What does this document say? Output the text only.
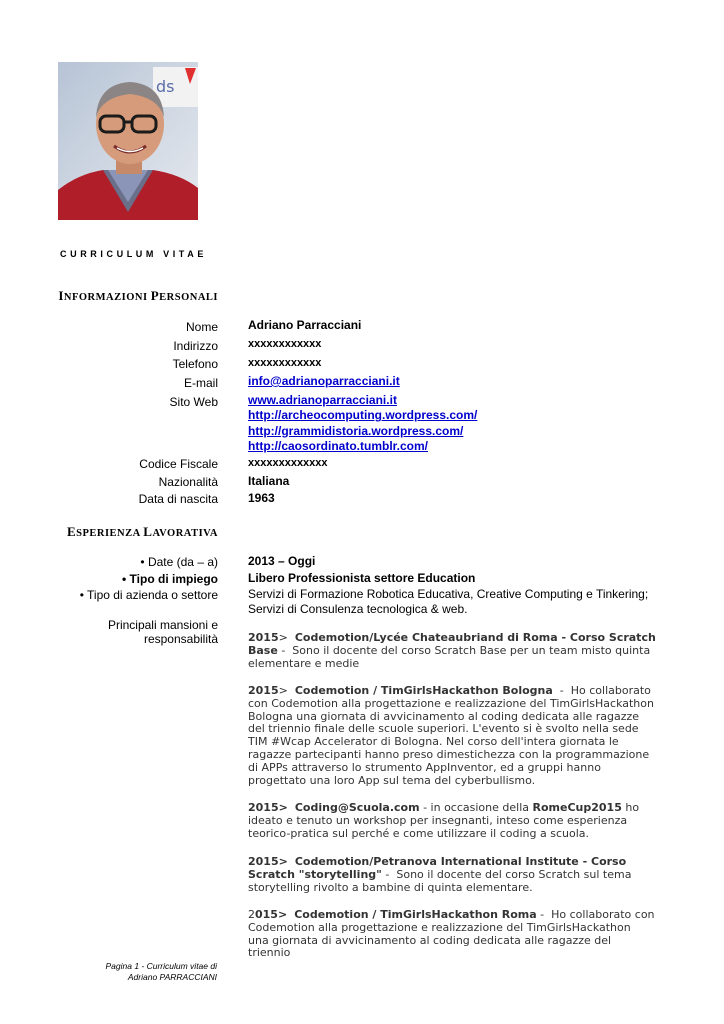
ds
CURRICULUM VITAE
INFORMAZIONI PERSONALI
Nome	Adriano Parracciani
Indirizzo	xxxxxxxxxxxx
Telefono	xxxxxxxxxxxx
E-mail	info@adrianoparracciani.it
Sito Web	www.adrianoparracciani.it
http://archeocomputing.wordpress.com/
http://grammidistoria.wordpress.com/
http://caosordinato.tumblr.com/
Codice Fiscale	xxxxxxxxxxxxx
Nazionalità	Italiana
Data di nascita	1963
ESPERIENZA LAVORATIVA
• Date (da – a)	2013 – Oggi
• Tipo di impiego	Libero Professionista settore Education
• Tipo di azienda o settore	Servizi di Formazione Robotica Educativa, Creative Computing e Tinkering;
Servizi di Consulenza tecnologica & web.
Principali mansioni e
responsabilità	2015>  Codemotion/Lycée Chateaubriand di Roma - Corso Scratch
Base -  Sono il docente del corso Scratch Base per un team misto quinta
elementare e medie
2015>  Codemotion / TimGirlsHackathon Bologna  -  Ho collaborato
con Codemotion alla progettazione e realizzazione del TimGirlsHackathon
Bologna una giornata di avvicinamento al coding dedicata alle ragazze
del triennio finale delle scuole superiori. L'evento si è svolto nella sede
TIM #Wcap Accelerator di Bologna. Nel corso dell'intera giornata le
ragazze partecipanti hanno preso dimestichezza con la programmazione
di APPs attraverso lo strumento AppInventor, ed a gruppi hanno
progettato una loro App sul tema del cyberbullismo.
2015> Coding@Scuola.com - in occasione della RomeCup2015 ho
ideato e tenuto un workshop per insegnanti, inteso come esperienza
teorico-pratica sul perché e come utilizzare il coding a scuola.
2015> Codemotion/Petranova International Institute - Corso
Scratch "storytelling" -  Sono il docente del corso Scratch sul tema
storytelling rivolto a bambine di quinta elementare.
2015> Codemotion / TimGirlsHackathon Roma -  Ho collaborato con
Codemotion alla progettazione e realizzazione del TimGirlsHackathon
una giornata di avvicinamento al coding dedicata alle ragazze del triennio
Pagina 1 - Curriculum vitae di
Adriano PARRACCIANI
